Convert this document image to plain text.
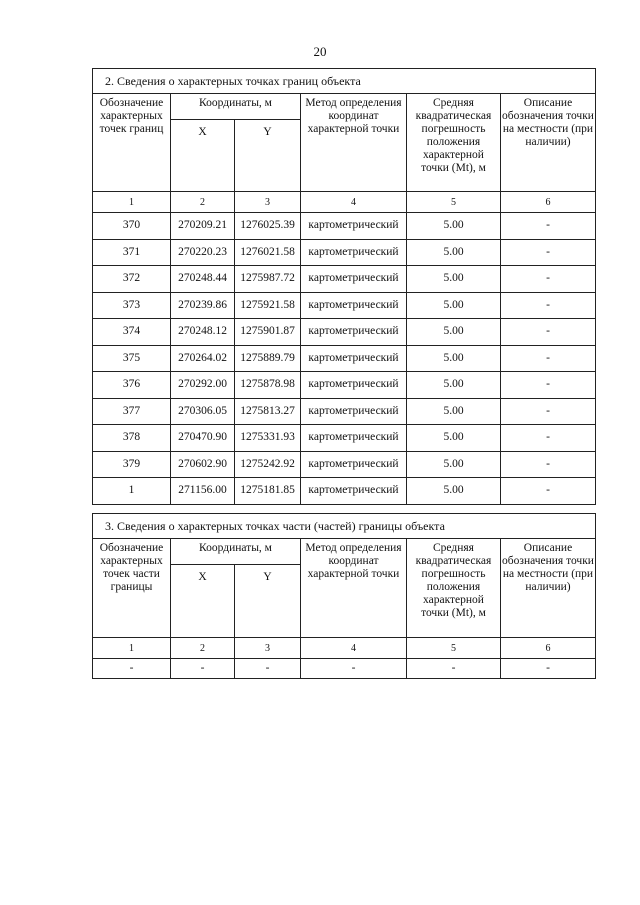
20
2. Сведения о характерных точках границ объекта					
Обозначение характерных точек границ	Координаты, м		Метод определения координат характерной точки	Средняя квадратическая погрешность положения характерной точки (Mt), м	Описание обозначения точки на местности (при наличии)
	X	Y			
1	2	3	4	5	6
370	270209.21	1276025.39	картометрический	5.00	-
371	270220.23	1276021.58	картометрический	5.00	-
372	270248.44	1275987.72	картометрический	5.00	-
373	270239.86	1275921.58	картометрический	5.00	-
374	270248.12	1275901.87	картометрический	5.00	-
375	270264.02	1275889.79	картометрический	5.00	-
376	270292.00	1275878.98	картометрический	5.00	-
377	270306.05	1275813.27	картометрический	5.00	-
378	270470.90	1275331.93	картометрический	5.00	-
379	270602.90	1275242.92	картометрический	5.00	-
1	271156.00	1275181.85	картометрический	5.00	-
3. Сведения о характерных точках части (частей) границы объекта					
Обозначение характерных точек части границы	Координаты, м		Метод определения координат характерной точки	Средняя квадратическая погрешность положения характерной точки (Mt), м	Описание обозначения точки на местности (при наличии)
	X	Y			
1	2	3	4	5	6
-	-	-	-	-	-
